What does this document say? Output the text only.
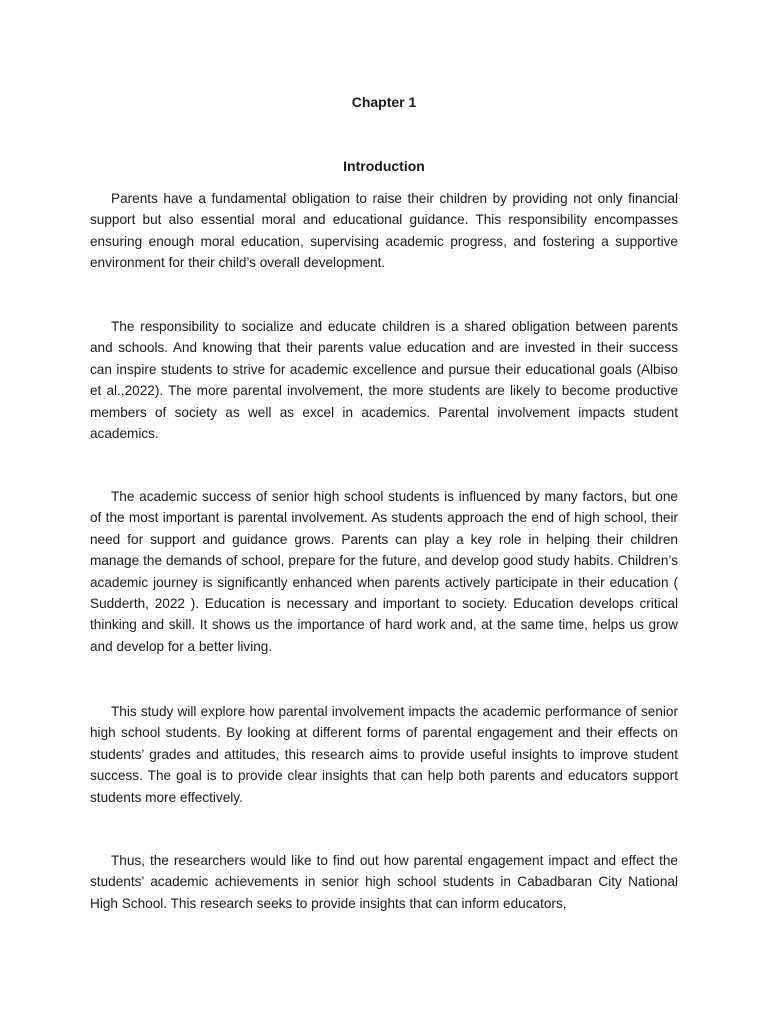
Chapter 1
Introduction

Parents have a fundamental obligation to raise their children by providing not only financial support but also essential moral and educational guidance. This responsibility encompasses ensuring enough moral education, supervising academic progress, and fostering a supportive environment for their child’s overall development.

The responsibility to socialize and educate children is a shared obligation between parents and schools. And knowing that their parents value education and are invested in their success can inspire students to strive for academic excellence and pursue their educational goals (Albiso et al.,2022). The more parental involvement, the more students are likely to become productive members of society as well as excel in academics. Parental involvement impacts student academics.

The academic success of senior high school students is influenced by many factors, but one of the most important is parental involvement. As students approach the end of high school, their need for support and guidance grows. Parents can play a key role in helping their children manage the demands of school, prepare for the future, and develop good study habits. Children’s academic journey is significantly enhanced when parents actively participate in their education ( Sudderth, 2022 ). Education is necessary and important to society. Education develops critical thinking and skill. It shows us the importance of hard work and, at the same time, helps us grow and develop for a better living.

This study will explore how parental involvement impacts the academic performance of senior high school students. By looking at different forms of parental engagement and their effects on students’ grades and attitudes, this research aims to provide useful insights to improve student success. The goal is to provide clear insights that can help both parents and educators support students more effectively.

Thus, the researchers would like to find out how parental engagement impact and effect the students’ academic achievements in senior high school students in Cabadbaran City National High School. This research seeks to provide insights that can inform educators,
